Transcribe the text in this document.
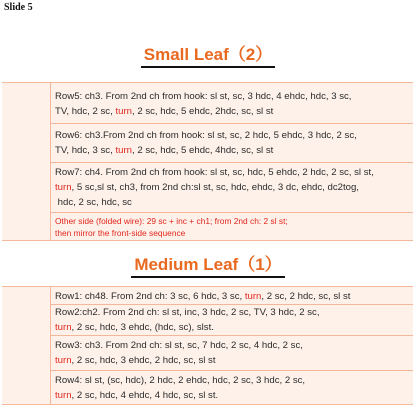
Slide 5
Small Leaf（2）
Row5: ch3. From 2nd ch from hook: sl st, sc, 3 hdc, 4 ehdc, hdc, 3 sc,
TV, hdc, 2 sc, turn, 2 sc, hdc, 5 ehdc, 2hdc, sc, sl st
Row6: ch3.From 2nd ch from hook: sl st, sc, 2 hdc, 5 ehdc, 3 hdc, 2 sc,
TV, hdc, 3 sc, turn, 2 sc, hdc, 5 ehdc, 4hdc, sc, sl st
Row7: ch4. From 2nd ch from hook: sl st, sc, hdc, 5 ehdc, 2 hdc, 2 sc, sl st,
turn, 5 sc,sl st, ch3, from 2nd ch:sl st, sc, hdc, ehdc, 3 dc, ehdc, dc2tog,
hdc, 2 sc, hdc, sc
Other side (folded wire): 29 sc + inc + ch1; from 2nd ch: 2 sl st;
then mirror the front-side sequence
Medium Leaf（1）
Row1: ch48. From 2nd ch: 3 sc, 6 hdc, 3 sc, turn, 2 sc, 2 hdc, sc, sl st
Row2:ch2. From 2nd ch: sl st, inc, 3 hdc, 2 sc, TV, 3 hdc, 2 sc,
turn, 2 sc, hdc, 3 ehdc, (hdc, sc), slst.
Row3: ch3. From 2nd ch: sl st, sc, 7 hdc, 2 sc, 4 hdc, 2 sc,
turn, 2 sc, hdc, 3 ehdc, 2 hdc, sc, sl st
Row4: sl st, (sc, hdc), 2 hdc, 2 ehdc, hdc, 2 sc, 3 hdc, 2 sc,
turn, 2 sc, hdc, 4 ehdc, 4 hdc, sc, sl st.
